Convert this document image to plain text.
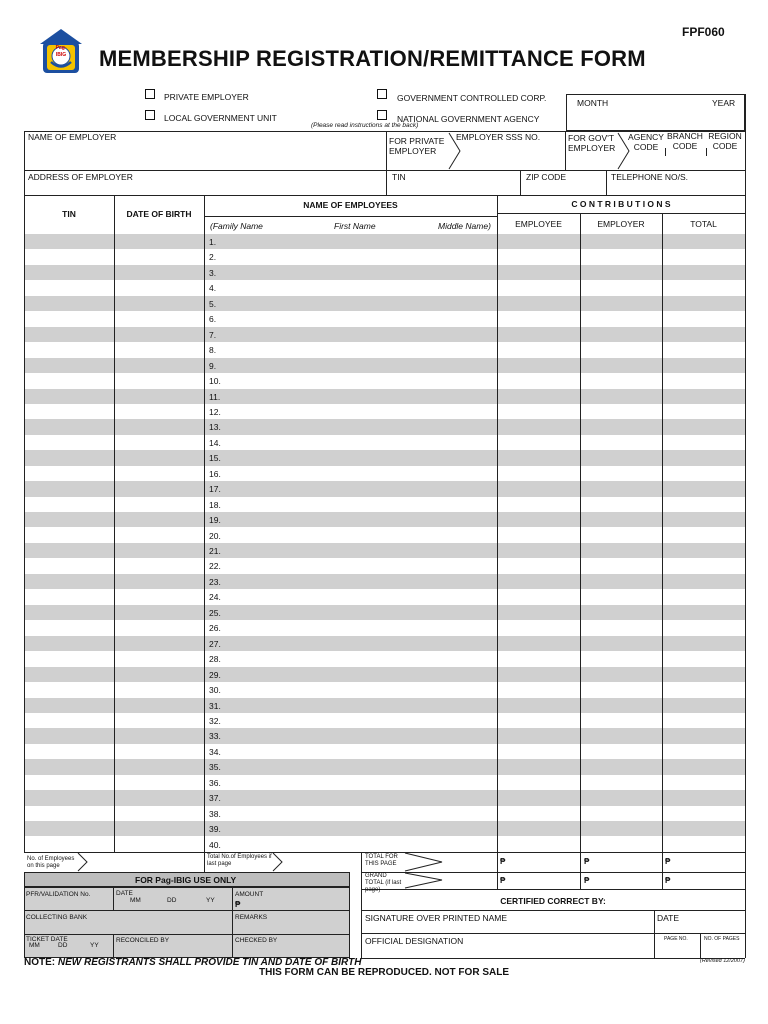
FPF060
Pag-IBIG MEMBERSHIP REGISTRATION/REMITTANCE FORM
PRIVATE EMPLOYER
LOCAL GOVERNMENT UNIT
GOVERNMENT CONTROLLED CORP.
NATIONAL GOVERNMENT AGENCY
(Please read instructions at the back)
MONTH	YEAR
NAME OF EMPLOYER	FOR PRIVATE EMPLOYER
EMPLOYER SSS NO.	FOR GOV'T EMPLOYER
AGENCY CODE
BRANCH CODE
REGION CODE
ADDRESS OF EMPLOYER	TIN	ZIP CODE	TELEPHONE NO/S.
TIN	DATE OF BIRTH
NAME OF EMPLOYEES
(Family Name	First Name	Middle Name)
C O N T R I B U T I O N S
EMPLOYEE	EMPLOYER	TOTAL
1.
2.
3.
4.
5.
6.
7.
8.
9.
10.
11.
12.
13.
14.
15.
16.
17.
18.
19.
20.
21.
22.
23.
24.
25.
26.
27.
28.
29.
30.
31.
32.
33.
34.
35.
36.
37.
38.
39.
40.
No. of Employees on this page
Total No.of Employees if last page
FOR Pag-IBIG USE ONLY
PFR/VALIDATION No.	DATE
MM	DD	YY
AMOUNT
₱
COLLECTING BANK	REMARKS
TICKET DATE
MM	DD	YY
RECONCILED BY	CHECKED BY
TOTAL FOR THIS PAGE
GRAND TOTAL (if last page)
₱	₱	₱
₱	₱	₱
CERTIFIED CORRECT BY:
SIGNATURE OVER PRINTED NAME	DATE
OFFICIAL DESIGNATION	PAGE NO.	NO. OF PAGES
NOTE: NEW REGISTRANTS SHALL PROVIDE TIN AND DATE OF BIRTH	(Revised 12/2007)
THIS FORM CAN BE REPRODUCED. NOT FOR SALE
